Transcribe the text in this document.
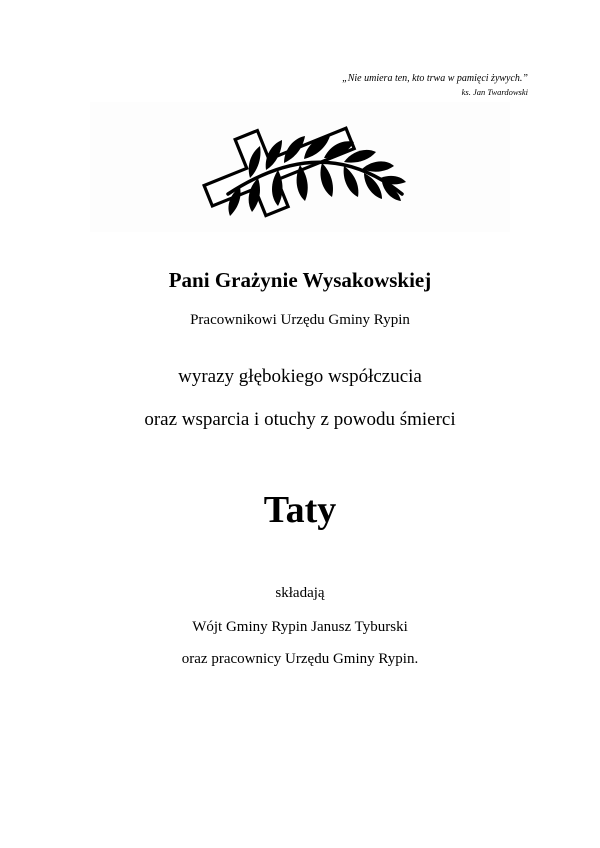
„Nie umiera ten, kto trwa w pamięci żywych.”
ks. Jan Twardowski
Pani Grażynie Wysakowskiej
Pracownikowi Urzędu Gminy Rypin
wyrazy głębokiego współczucia
oraz wsparcia i otuchy z powodu śmierci
Taty
składają
Wójt Gminy Rypin Janusz Tyburski
oraz pracownicy Urzędu Gminy Rypin.
